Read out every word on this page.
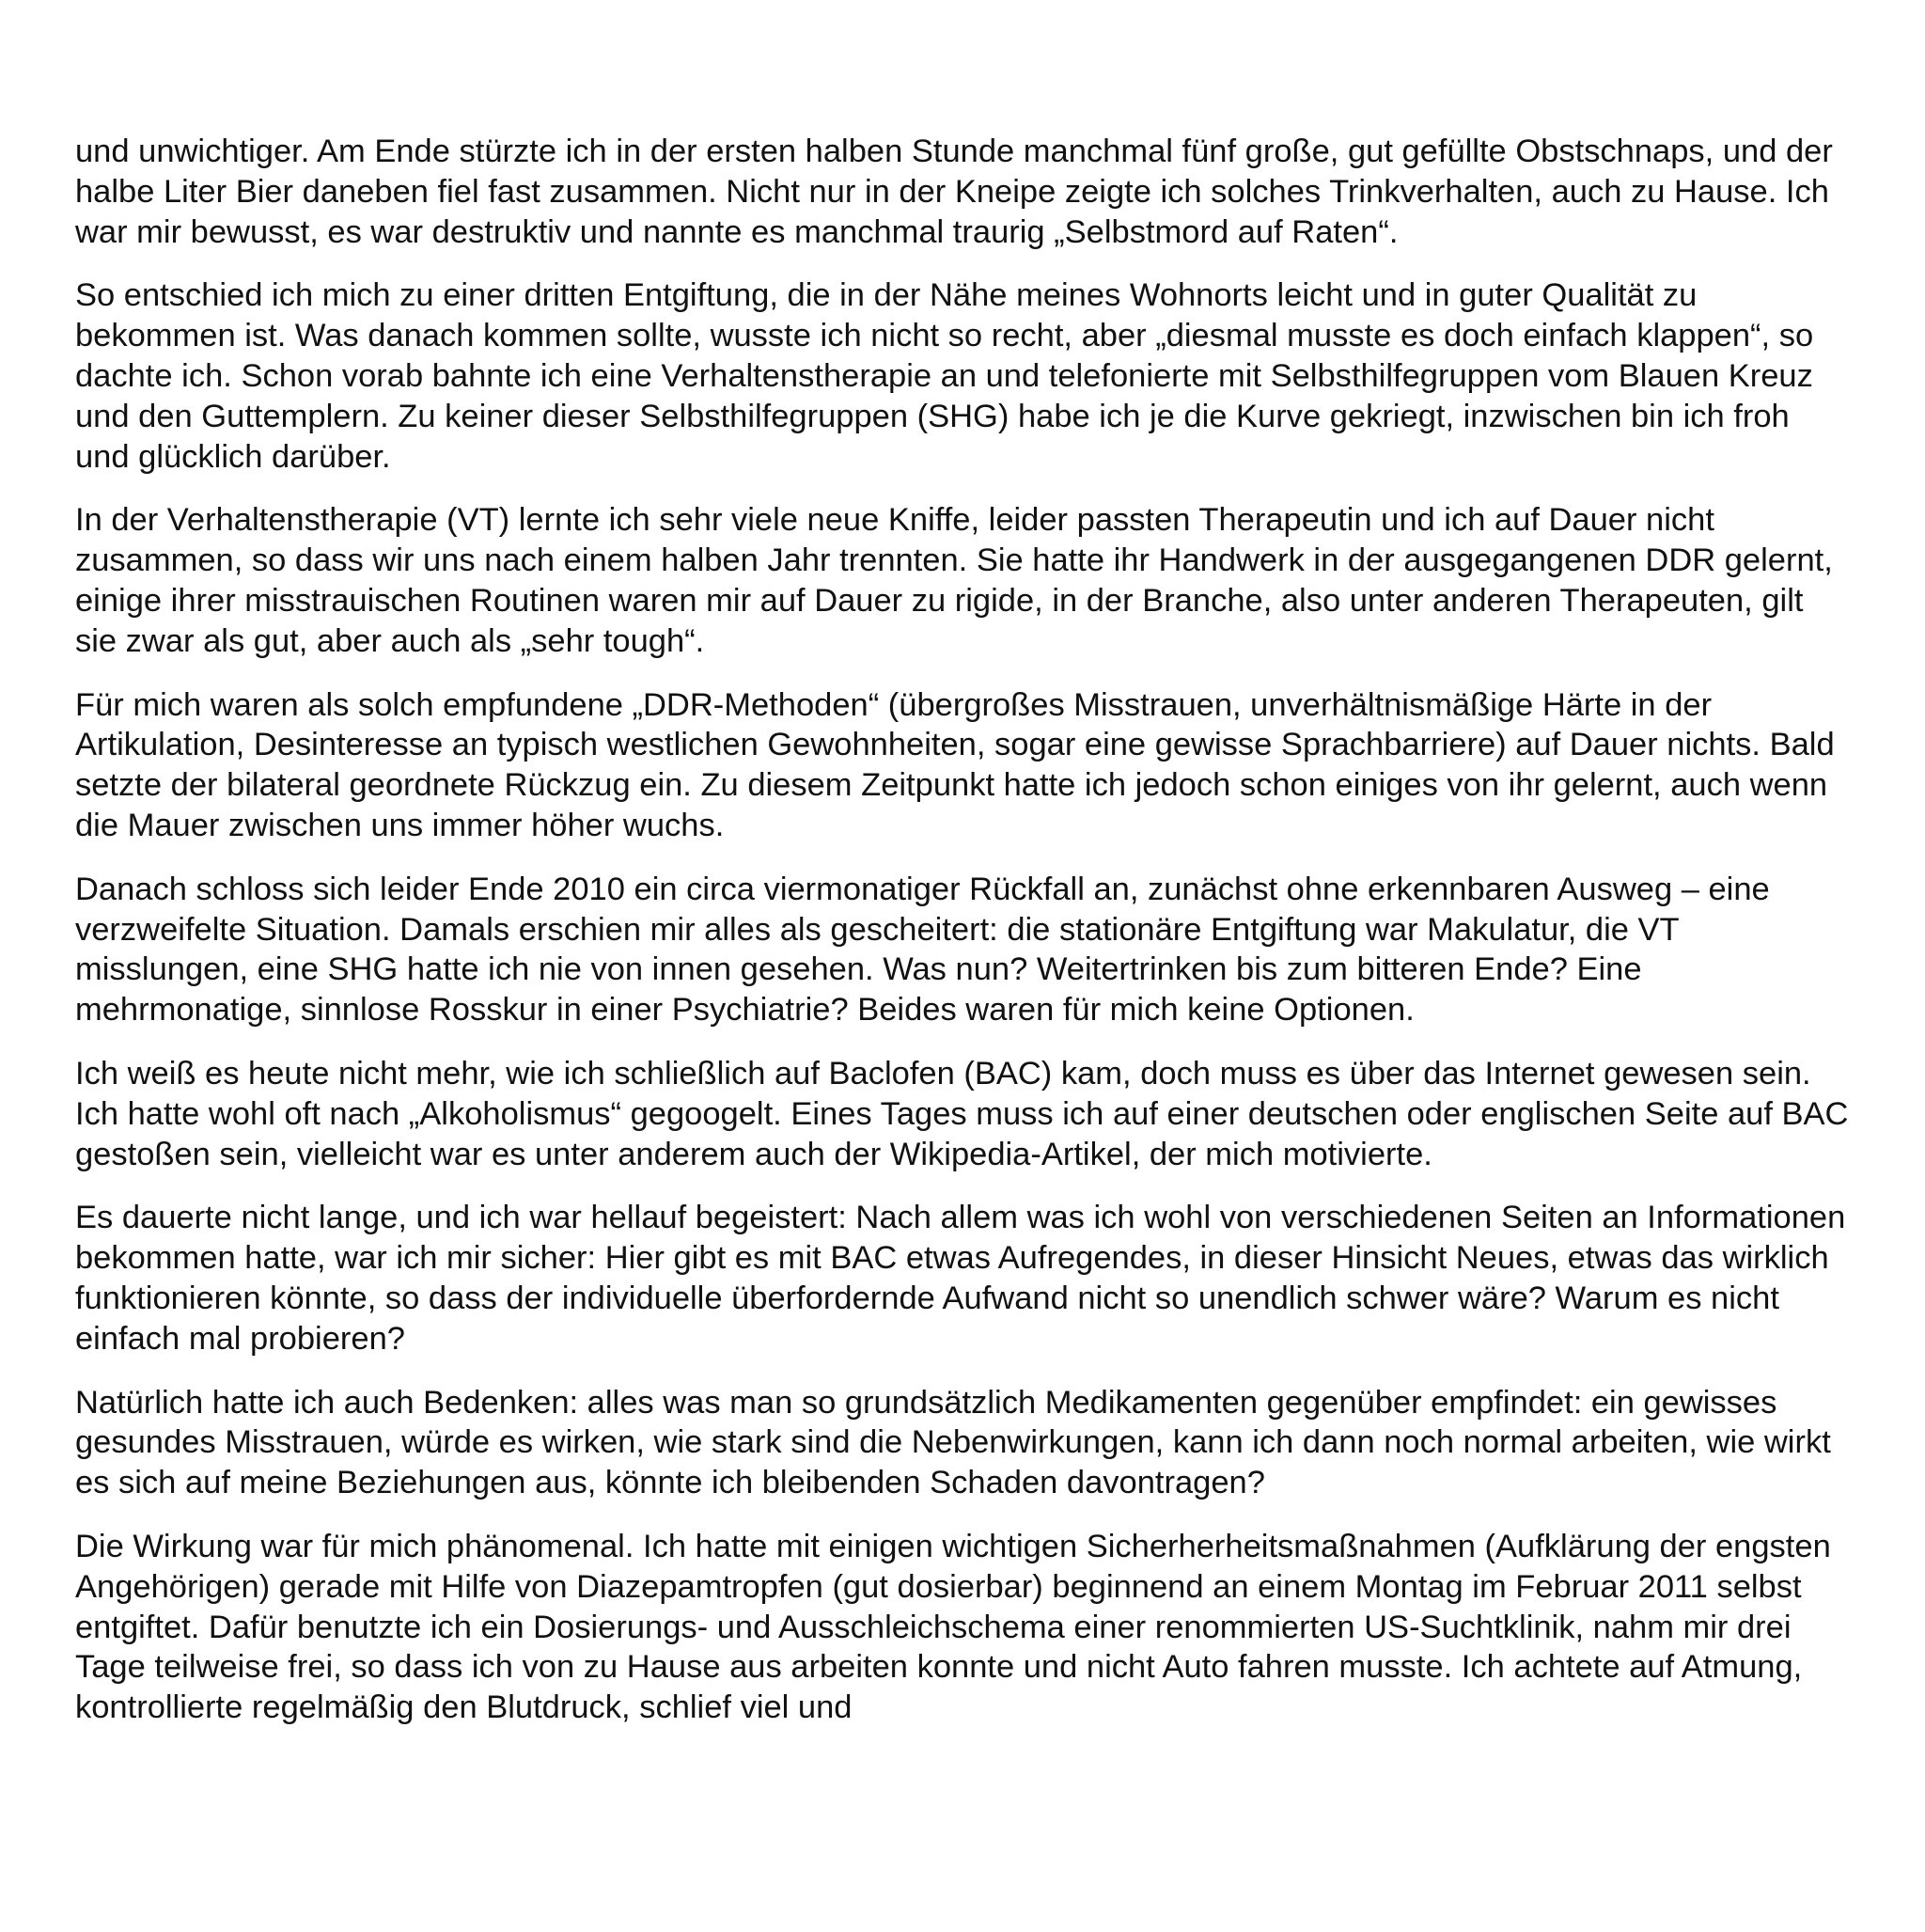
und unwichtiger. Am Ende stürzte ich in der ersten halben Stunde manchmal fünf große, gut gefüllte Obstschnaps, und der halbe Liter Bier daneben fiel fast zusammen. Nicht nur in der Kneipe zeigte ich solches Trinkverhalten, auch zu Hause. Ich war mir bewusst, es war destruktiv und nannte es manchmal traurig „Selbstmord auf Raten“.

So entschied ich mich zu einer dritten Entgiftung, die in der Nähe meines Wohnorts leicht und in guter Qualität zu bekommen ist. Was danach kommen sollte, wusste ich nicht so recht, aber „diesmal musste es doch einfach klappen“, so dachte ich. Schon vorab bahnte ich eine Verhaltenstherapie an und telefonierte mit Selbsthilfegruppen vom Blauen Kreuz und den Guttemplern. Zu keiner dieser Selbsthilfegruppen (SHG) habe ich je die Kurve gekriegt, inzwischen bin ich froh und glücklich darüber.

In der Verhaltenstherapie (VT) lernte ich sehr viele neue Kniffe, leider passten Therapeutin und ich auf Dauer nicht zusammen, so dass wir uns nach einem halben Jahr trennten. Sie hatte ihr Handwerk in der ausgegangenen DDR gelernt, einige ihrer misstrauischen Routinen waren mir auf Dauer zu rigide, in der Branche, also unter anderen Therapeuten, gilt sie zwar als gut, aber auch als „sehr tough“.

Für mich waren als solch empfundene „DDR-Methoden“ (übergroßes Misstrauen, unverhältnismäßige Härte in der Artikulation, Desinteresse an typisch westlichen Gewohnheiten, sogar eine gewisse Sprachbarriere) auf Dauer nichts. Bald setzte der bilateral geordnete Rückzug ein. Zu diesem Zeitpunkt hatte ich jedoch schon einiges von ihr gelernt, auch wenn die Mauer zwischen uns immer höher wuchs.

Danach schloss sich leider Ende 2010 ein circa viermonatiger Rückfall an, zunächst ohne erkennbaren Ausweg – eine verzweifelte Situation. Damals erschien mir alles als gescheitert: die stationäre Entgiftung war Makulatur, die VT misslungen, eine SHG hatte ich nie von innen gesehen. Was nun? Weitertrinken bis zum bitteren Ende? Eine mehrmonatige, sinnlose Rosskur in einer Psychiatrie? Beides waren für mich keine Optionen.

Ich weiß es heute nicht mehr, wie ich schließlich auf Baclofen (BAC) kam, doch muss es über das Internet gewesen sein. Ich hatte wohl oft nach „Alkoholismus“ gegoogelt. Eines Tages muss ich auf einer deutschen oder englischen Seite auf BAC gestoßen sein, vielleicht war es unter anderem auch der Wikipedia-Artikel, der mich motivierte.

Es dauerte nicht lange, und ich war hellauf begeistert: Nach allem was ich wohl von verschiedenen Seiten an Informationen bekommen hatte, war ich mir sicher: Hier gibt es mit BAC etwas Aufregendes, in dieser Hinsicht Neues, etwas das wirklich funktionieren könnte, so dass der individuelle überfordernde Aufwand nicht so unendlich schwer wäre? Warum es nicht einfach mal probieren?

Natürlich hatte ich auch Bedenken: alles was man so grundsätzlich Medikamenten gegenüber empfindet: ein gewisses gesundes Misstrauen, würde es wirken, wie stark sind die Nebenwirkungen, kann ich dann noch normal arbeiten, wie wirkt es sich auf meine Beziehungen aus, könnte ich bleibenden Schaden davontragen?

Die Wirkung war für mich phänomenal. Ich hatte mit einigen wichtigen Sicherherheitsmaßnahmen (Aufklärung der engsten Angehörigen) gerade mit Hilfe von Diazepamtropfen (gut dosierbar) beginnend an einem Montag im Februar 2011 selbst entgiftet. Dafür benutzte ich ein Dosierungs- und Ausschleichschema einer renommierten US-Suchtklinik, nahm mir drei Tage teilweise frei, so dass ich von zu Hause aus arbeiten konnte und nicht Auto fahren musste. Ich achtete auf Atmung, kontrollierte regelmäßig den Blutdruck, schlief viel und
